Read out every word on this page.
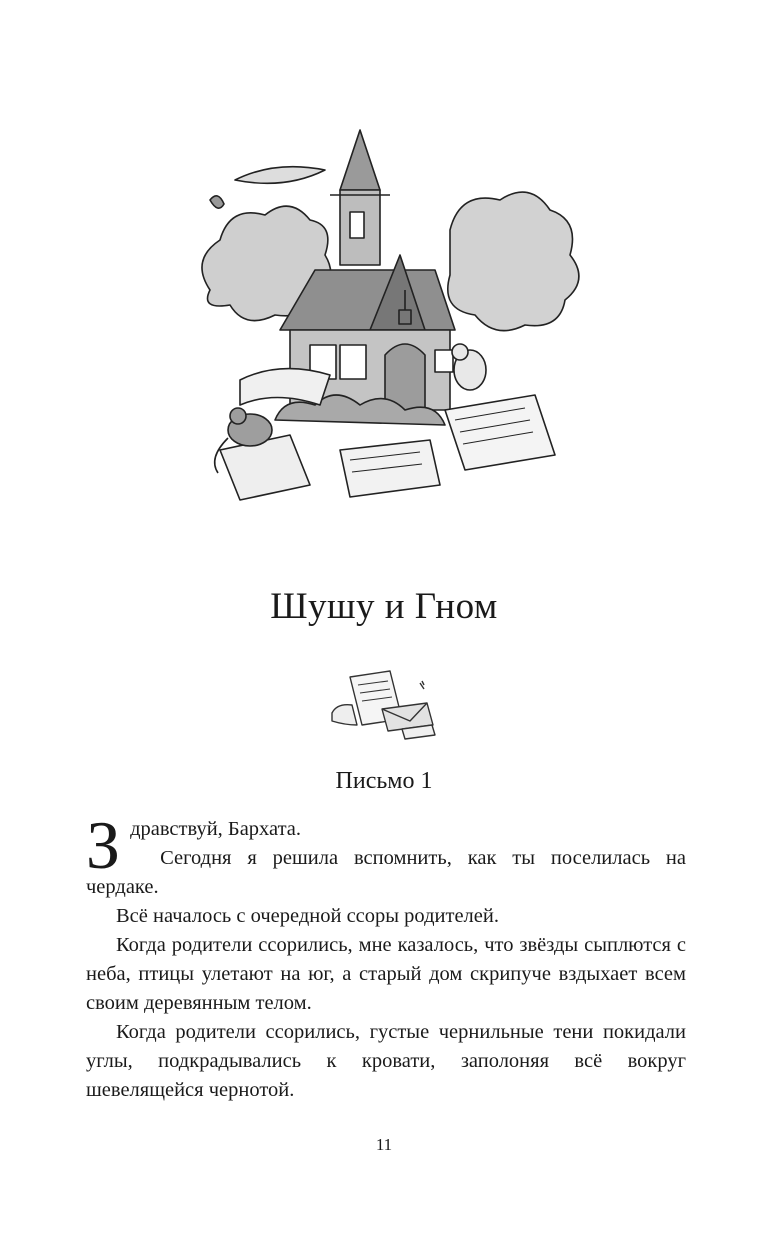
Шушу и Гном
Письмо 1
З дравствуй, Бархата.

Сегодня я решила вспомнить, как ты поселилась на чердаке.

Всё началось с очередной ссоры родителей.

Когда родители ссорились, мне казалось, что звёзды сыплются с неба, птицы улетают на юг, а старый дом скрипуче вздыхает всем своим деревянным телом.

Когда родители ссорились, густые чернильные тени покидали углы, подкрадывались к кровати, заполоняя всё вокруг шевелящейся чернотой.

11
